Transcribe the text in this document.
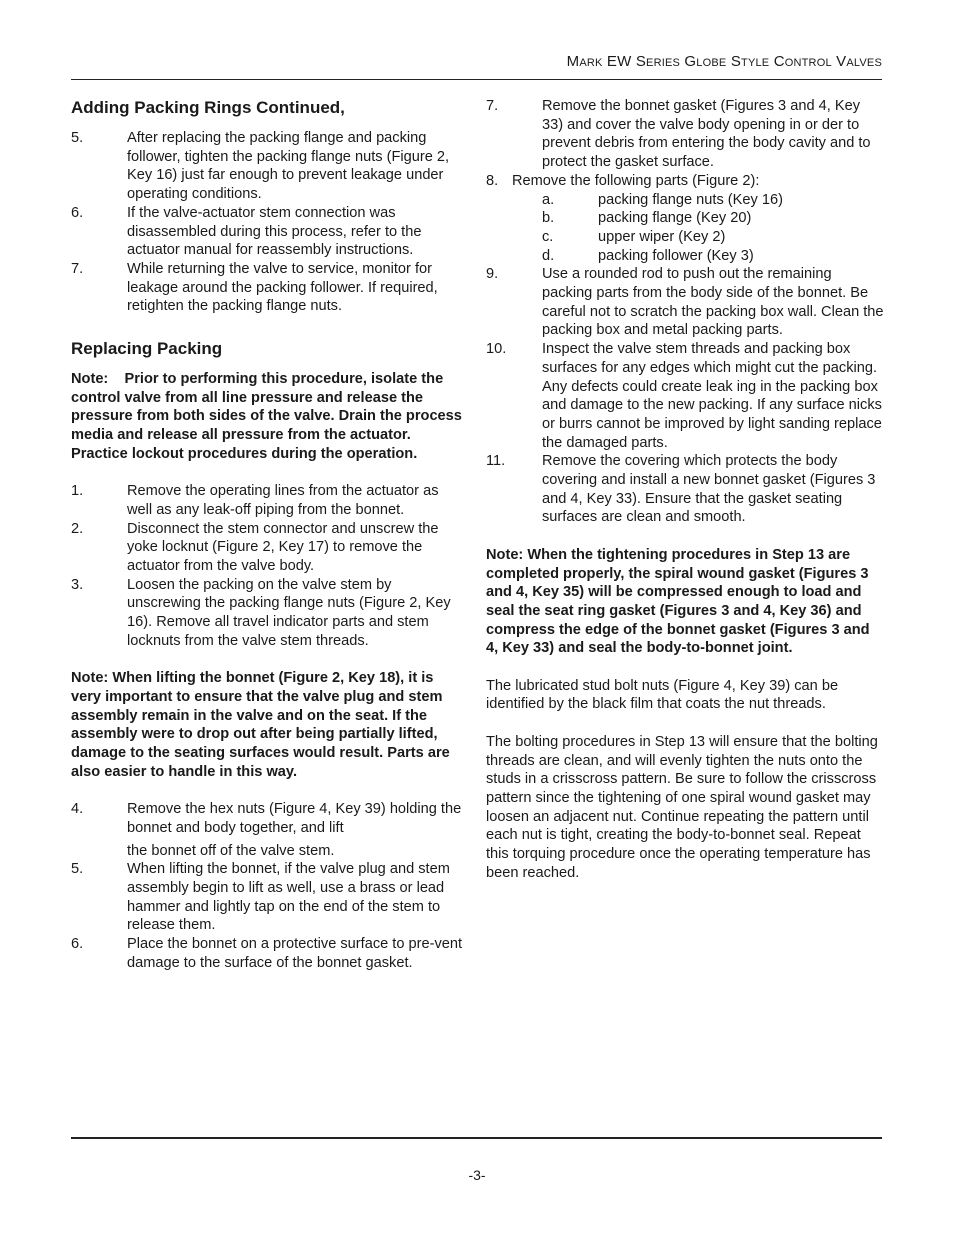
Mark EW Series Globe Style Control Valves
Adding Packing Rings Continued,
5.	After replacing the packing flange and packing follower, tighten the packing flange nuts (Figure 2, Key 16) just far enough to prevent leakage under operating conditions.
6.	If the valve-actuator stem connection was disassembled during this process, refer to the actuator manual for reassembly instructions.
7.	While returning the valve to service, monitor for leakage around the packing follower. If required, retighten the packing flange nuts.
Replacing Packing

Note:    Prior to performing this procedure, isolate the control valve from all line pressure and release the pressure from both sides of the valve. Drain the process media and release all pressure from the actuator. Practice lockout procedures during the operation.

1.	Remove the operating lines from the actuator as well as any leak-off piping from the bonnet.
2.	Disconnect the stem connector and unscrew the yoke locknut (Figure 2, Key 17) to remove the actuator from the valve body.
3.	Loosen the packing on the valve stem by unscrewing the packing flange nuts (Figure 2, Key 16). Remove all travel indicator parts and stem locknuts from the valve stem threads.

Note: When lifting the bonnet (Figure 2, Key 18), it is very important to ensure that the valve plug and stem assembly remain in the valve and on the seat. If the assembly were to drop out after being partially lifted, damage to the seating surfaces would result. Parts are also easier to handle in this way.

4.	Remove the hex nuts (Figure 4, Key 39) holding the bonnet and body together, and lift
the bonnet off of the valve stem.
5.	When lifting the bonnet, if the valve plug and stem assembly begin to lift as well, use a brass or lead hammer and lightly tap on the end of the stem to release them.
6.	Place the bonnet on a protective surface to pre-vent damage to the surface of the bonnet gasket.
7.	Remove the bonnet gasket (Figures 3 and 4, Key 33) and cover the valve body opening in or der to prevent debris from entering the body cavity and to protect the gasket surface.
8. Remove the following parts (Figure 2):
a.	packing flange nuts (Key 16)
b.	packing flange (Key 20)
c.	upper wiper (Key 2)
d.	packing follower (Key 3)
9.	Use a rounded rod to push out the remaining packing parts from the body side of the bonnet. Be careful not to scratch the packing box wall. Clean the packing box and metal packing parts.
10.	Inspect the valve stem threads and packing box surfaces for any edges which might cut the packing. Any defects could create leak ing in the packing box and damage to the new packing. If any surface nicks or burrs cannot be improved by light sanding replace the damaged parts.
11.	Remove the covering which protects the body covering and install a new bonnet gasket (Figures 3 and 4, Key 33). Ensure that the gasket seating surfaces are clean and smooth.

Note: When the tightening procedures in Step 13 are completed properly, the spiral wound gasket (Figures 3 and 4, Key 35) will be compressed enough to load and seal the seat ring gasket (Figures 3 and 4, Key 36) and compress the edge of the bonnet gasket (Figures 3 and 4, Key 33) and seal the body-to-bonnet joint.

The lubricated stud bolt nuts (Figure 4, Key 39) can be identified by the black film that coats the nut threads.

The bolting procedures in Step 13 will ensure that the bolting threads are clean, and will evenly tighten the nuts onto the studs in a crisscross pattern. Be sure to follow the crisscross pattern since the tightening of one spiral wound gasket may loosen an adjacent nut. Continue repeating the pattern until each nut is tight, creating the body-to-bonnet seal. Repeat this torquing procedure once the operating temperature has been reached.

-3-
